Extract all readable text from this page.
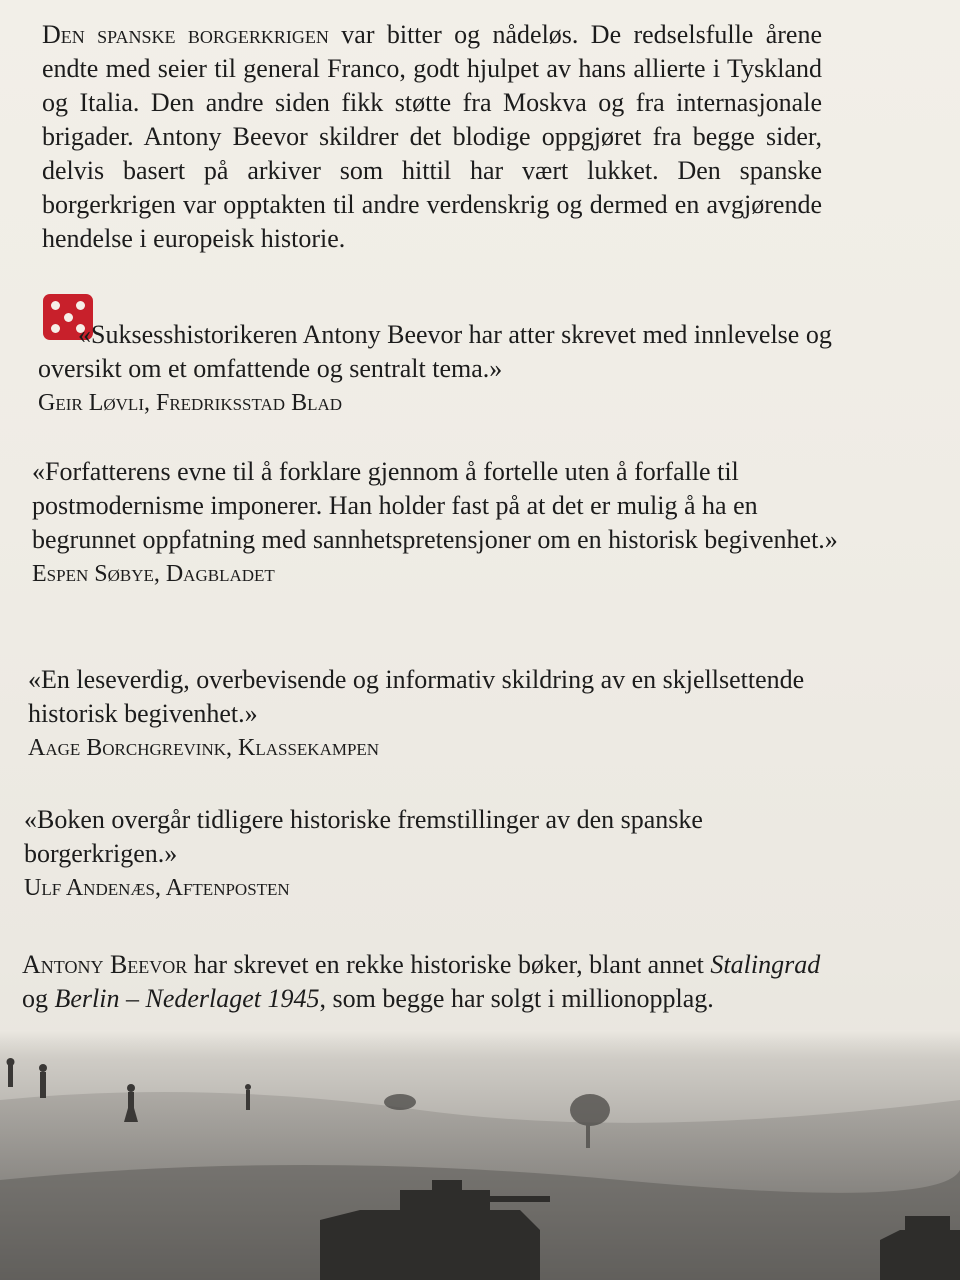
Den spanske borgerkrigen var bitter og nådeløs. De redselsfulle årene endte med seier til general Franco, godt hjulpet av hans allierte i Tyskland og Italia. Den andre siden fikk støtte fra Moskva og fra internasjonale brigader. Antony Beevor skildrer det blodige oppgjøret fra begge sider, delvis basert på arkiver som hittil har vært lukket. Den spanske borgerkrigen var opptakten til andre verdenskrig og dermed en avgjørende hendelse i europeisk historie.

«Suksesshistorikeren Antony Beevor har atter skrevet med innlevelse og oversikt om et omfattende og sentralt tema.»

Geir Løvli, Fredriksstad Blad

«Forfatterens evne til å forklare gjennom å fortelle uten å forfalle til postmodernisme imponerer. Han holder fast på at det er mulig å ha en begrunnet oppfatning med sannhetspretensjoner om en historisk begivenhet.»

Espen Søbye, Dagbladet

«En leseverdig, overbevisende og informativ skildring av en skjellsettende historisk begivenhet.»

Aage Borchgrevink, Klassekampen

«Boken overgår tidligere historiske fremstillinger av den spanske borgerkrigen.»

Ulf Andenæs, Aftenposten

Antony Beevor har skrevet en rekke historiske bøker, blant annet Stalingrad og Berlin – Nederlaget 1945, som begge har solgt i millionopplag.
